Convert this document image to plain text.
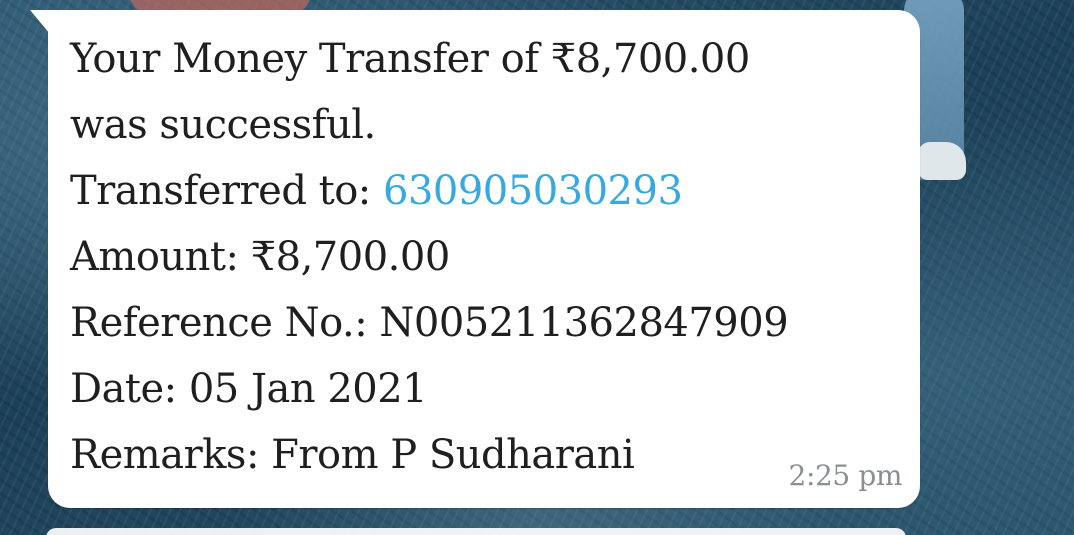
Your Money Transfer of ₹8,700.00 was successful.
Transferred to: 630905030293
Amount: ₹8,700.00
Reference No.: N005211362847909
Date: 05 Jan 2021
Remarks: From P Sudharani	2:25 pm
